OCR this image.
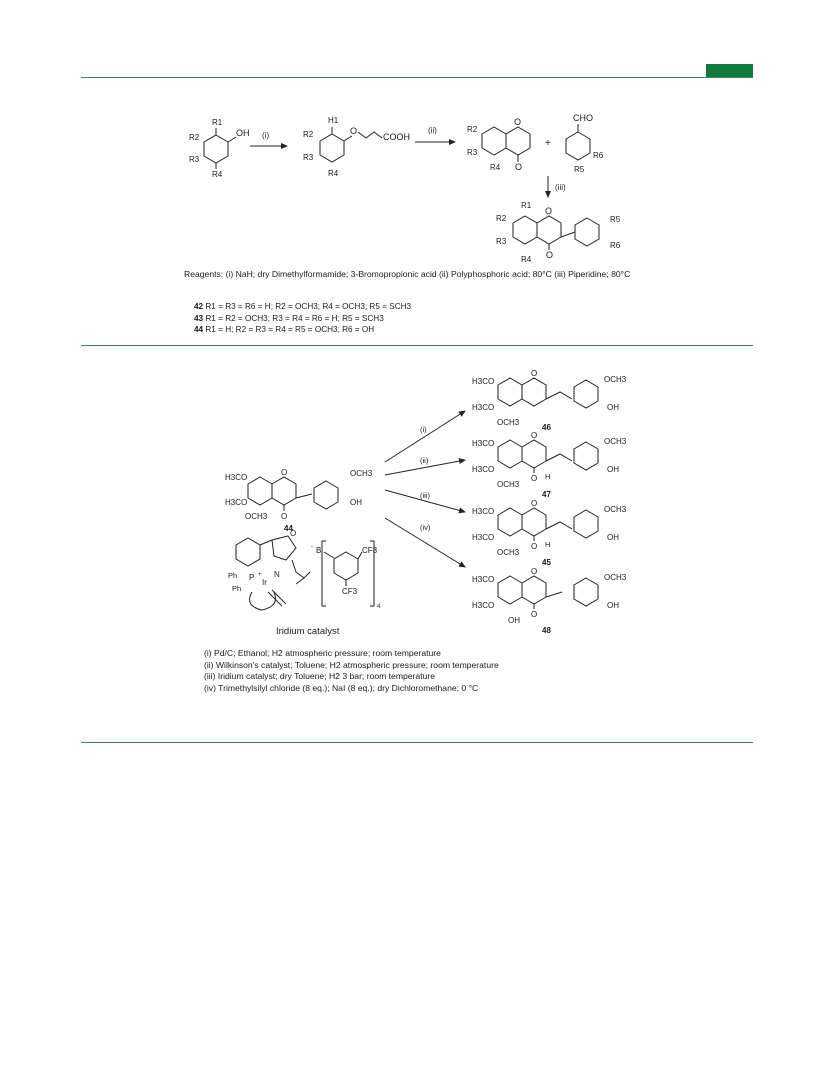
OH
R1
R2
R3
R4
(i)	O
COOH
H1
R2
R3
R4
(ii)
O
O
R2
R3
R4
+
CHO
R6
R5
(iii)
O
O
R1
R2
R3
R4
R5
R6
O
O
H3CO
H3CO
OCH3
OCH3
OH
44
(i)
(ii)
(iii)
(iv)
O
H3CO
H3CO
OCH3
OCH3
OH
46
O
O H
H3CO
H3CO
OCH3
OCH3
OH
47
O
O H
H3CO
H3CO
OCH3
OCH3
OH
45
O
O
H3CO
H3CO
OH
OCH3
OH
48
O
Ph
Ph
P +
Ir
N
- B	CF3
CF3
4
Iridium catalyst
Reagents: (i) NaH; dry Dimethylformamide; 3-Bromopropionic acid (ii) Polyphosphoric acid; 80°C (iii) Piperidine; 80°C
42 R1 = R3 = R6 = H; R2 = OCH3; R4 = OCH3; R5 = SCH3
43 R1 = R2 = OCH3; R3 = R4 = R6 = H; R5 = SCH3
44 R1 = H; R2 = R3 = R4 = R5 = OCH3; R6 = OH
(i) Pd/C; Ethanol; H2 atmospheric pressure; room temperature
(ii) Wilkinson's catalyst; Toluene; H2 atmospheric pressure; room temperature
(iii) Iridium catalyst; dry Toluene; H2 3 bar; room temperature
(iv) Trimethylsilyl chloride (8 eq.); NaI (8 eq.); dry Dichloromethane; 0 °C
